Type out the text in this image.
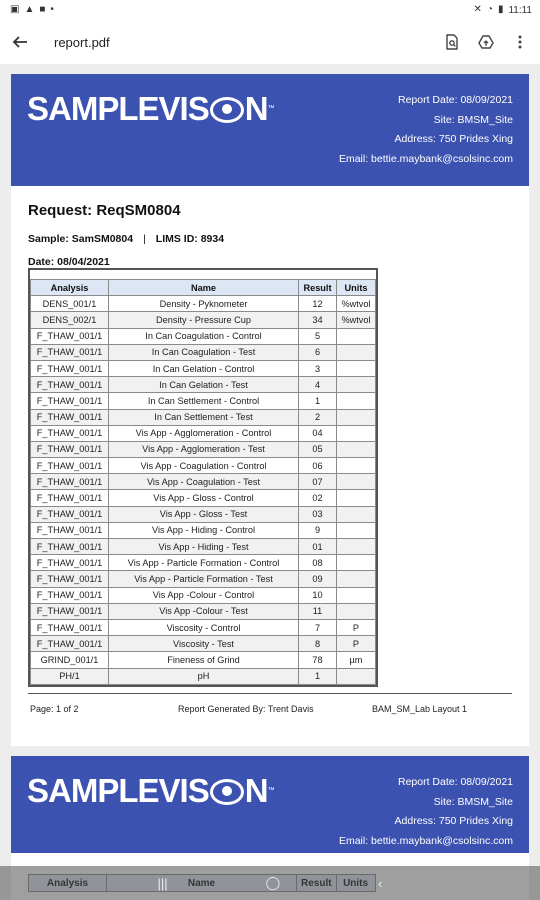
▣ ▲ ■ •	✕ ◔ ▮ 11:11
report.pdf
SAMPLEVIS N™
Report Date: 08/09/2021
Site: BMSM_Site
Address: 750 Prides Xing
Email: bettie.maybank@csolsinc.com
Request: ReqSM0804
Sample: SamSM0804 | LIMS ID: 8934
Date: 08/04/2021
Analysis	Name	Result	Units
DENS_001/1	Density - Pyknometer	12	%wtvol
DENS_002/1	Density - Pressure Cup	34	%wtvol
F_THAW_001/1	In Can Coagulation - Control	5	
F_THAW_001/1	In Can Coagulation - Test	6	
F_THAW_001/1	In Can Gelation - Control	3	
F_THAW_001/1	In Can Gelation - Test	4	
F_THAW_001/1	In Can Settlement - Control	1	
F_THAW_001/1	In Can Settlement - Test	2	
F_THAW_001/1	Vis App - Agglomeration - Control	04	
F_THAW_001/1	Vis App - Agglomeration - Test	05	
F_THAW_001/1	Vis App - Coagulation - Control	06	
F_THAW_001/1	Vis App - Coagulation - Test	07	
F_THAW_001/1	Vis App - Gloss - Control	02	
F_THAW_001/1	Vis App - Gloss - Test	03	
F_THAW_001/1	Vis App - Hiding - Control	9	
F_THAW_001/1	Vis App - Hiding - Test	01	
F_THAW_001/1	Vis App - Particle Formation - Control	08	
F_THAW_001/1	Vis App - Particle Formation - Test	09	
F_THAW_001/1	Vis App -Colour - Control	10	
F_THAW_001/1	Vis App -Colour - Test	11	
F_THAW_001/1	Viscosity - Control	7	P
F_THAW_001/1	Viscosity - Test	8	P
GRIND_001/1	Fineness of Grind	78	µm
PH/1	pH	1	
Page: 1 of 2	Report Generated By: Trent Davis	BAM_SM_Lab Layout 1
SAMPLEVIS N™
Report Date: 08/09/2021
Site: BMSM_Site
Address: 750 Prides Xing
Email: bettie.maybank@csolsinc.com

|||	◯	‹
